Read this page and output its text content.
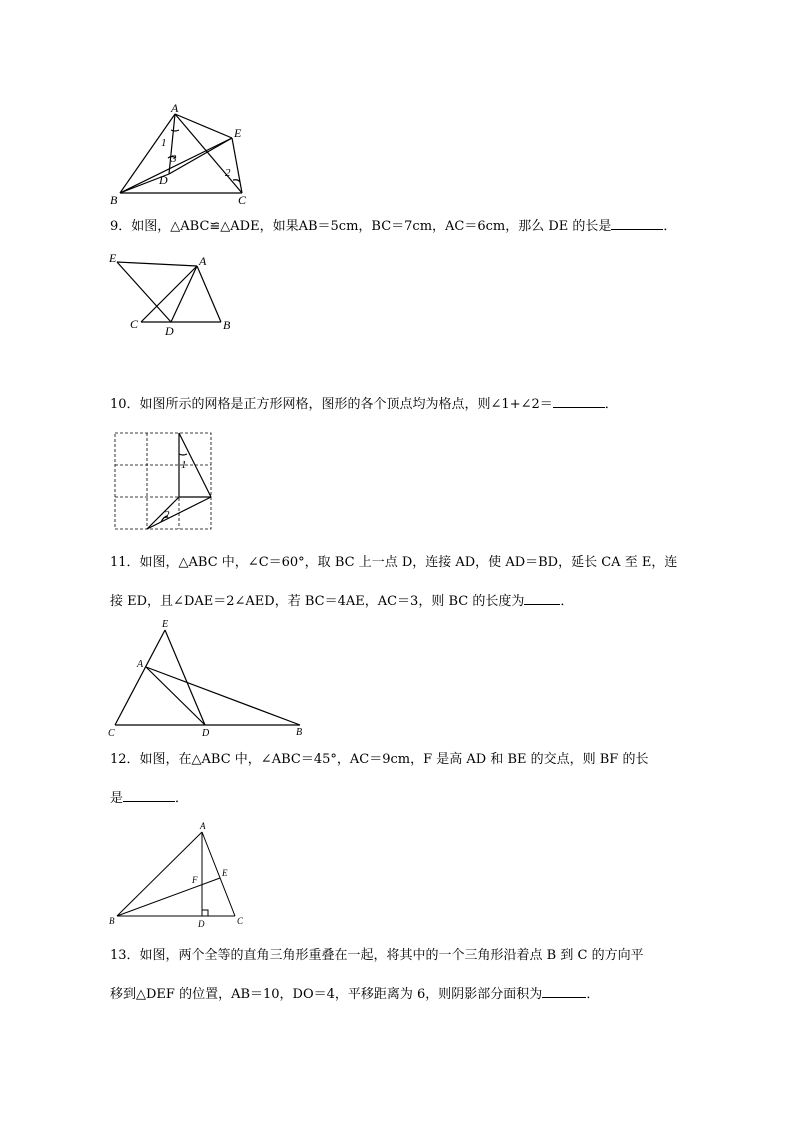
A
E
B	C
D
1
3
2
9．如图，△ABC≌△ADE，如果AB＝5cm，BC＝7cm，AC＝6cm，那么 DE 的长是	．
E	A
C D	B
10．如图所示的网格是正方形网格，图形的各个顶点均为格点，则∠1+∠2＝	．
1
2
11．如图，△ABC 中，∠C＝60°，取 BC 上一点 D，连接 AD，使 AD＝BD，延长 CA 至 E，连
接 ED，且∠DAE＝2∠AED，若 BC＝4AE，AC＝3，则 BC 的长度为	．
E
A
C	D	B
12．如图，在△ABC 中，∠ABC＝45°，AC＝9cm，F 是高 AD 和 BE 的交点，则 BF 的长
是	．
A
E
F
B	D	C
13．如图，两个全等的直角三角形重叠在一起，将其中的一个三角形沿着点 B 到 C 的方向平
移到△DEF 的位置，AB＝10，DO＝4，平移距离为 6，则阴影部分面积为	．
